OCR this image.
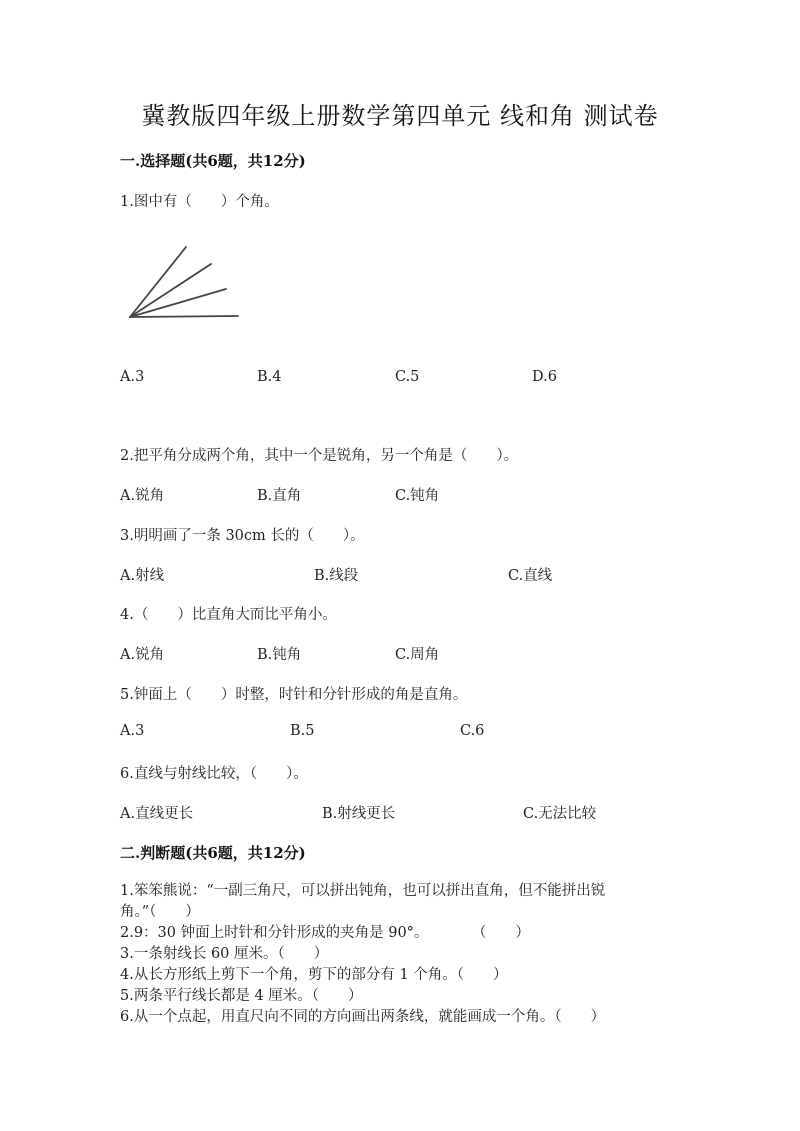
冀教版四年级上册数学第四单元 线和角 测试卷
一.选择题(共6题，共12分)
1.图中有（　　）个角。
A.3	B.4	C.5	D.6
2.把平角分成两个角，其中一个是锐角，另一个角是（　　）。
A.锐角	B.直角	C.钝角
3.明明画了一条 30cm 长的（　　）。
A.射线	B.线段	C.直线
4.（　　）比直角大而比平角小。
A.锐角	B.钝角	C.周角
5.钟面上（　　）时整，时针和分针形成的角是直角。
A.3	B.5	C.6
6.直线与射线比较，（　　）。
A.直线更长	B.射线更长	C.无法比较
二.判断题(共6题，共12分)
1.笨笨熊说：“一副三角尺，可以拼出钝角，也可以拼出直角，但不能拼出锐
角。”（　　）
2.9：30 钟面上时针和分针形成的夹角是 90°。　　　　（　　）
3.一条射线长 60 厘米。（　　）
4.从长方形纸上剪下一个角，剪下的部分有 1 个角。（　　）
5.两条平行线长都是 4 厘米。（　　）
6.从一个点起，用直尺向不同的方向画出两条线，就能画成一个角。（　　）
